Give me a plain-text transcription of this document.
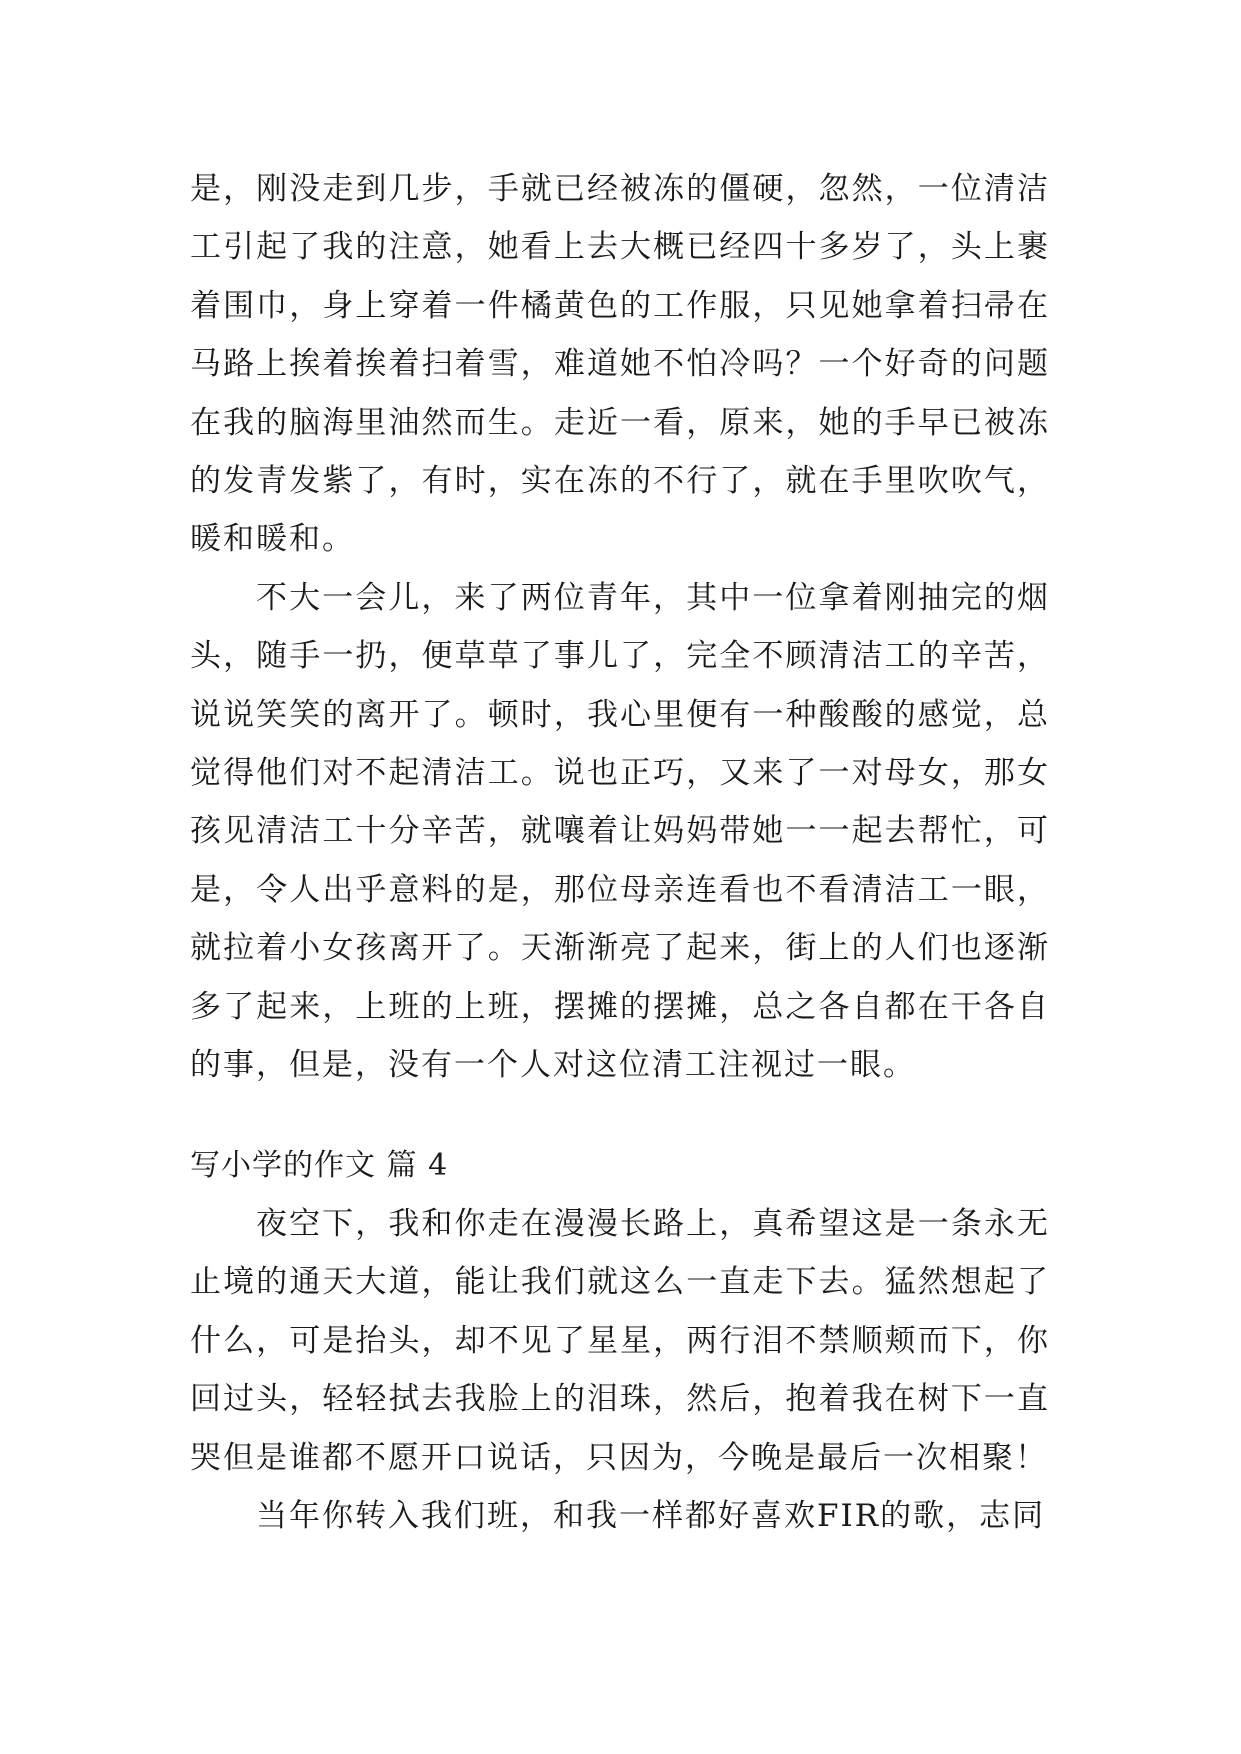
是，刚没走到几步，手就已经被冻的僵硬，忽然，一位清洁工引起了我的注意，她看上去大概已经四十多岁了，头上裹着围巾，身上穿着一件橘黄色的工作服，只见她拿着扫帚在马路上挨着挨着扫着雪，难道她不怕冷吗？一个好奇的问题在我的脑海里油然而生。走近一看，原来，她的手早已被冻的发青发紫了，有时，实在冻的不行了，就在手里吹吹气，暖和暖和。

不大一会儿，来了两位青年，其中一位拿着刚抽完的烟头，随手一扔，便草草了事儿了，完全不顾清洁工的辛苦，说说笑笑的离开了。顿时，我心里便有一种酸酸的感觉，总觉得他们对不起清洁工。说也正巧，又来了一对母女，那女孩见清洁工十分辛苦，就嚷着让妈妈带她一一起去帮忙，可是，令人出乎意料的是，那位母亲连看也不看清洁工一眼，就拉着小女孩离开了。天渐渐亮了起来，街上的人们也逐渐多了起来，上班的上班，摆摊的摆摊，总之各自都在干各自的事，但是，没有一个人对这位清工注视过一眼。

写小学的作文 篇 4

夜空下，我和你走在漫漫长路上，真希望这是一条永无止境的通天大道，能让我们就这么一直走下去。猛然想起了什么，可是抬头，却不见了星星，两行泪不禁顺颊而下，你回过头，轻轻拭去我脸上的泪珠，然后，抱着我在树下一直哭但是谁都不愿开口说话，只因为，今晚是最后一次相聚！

当年你转入我们班，和我一样都好喜欢FIR的歌，志同
